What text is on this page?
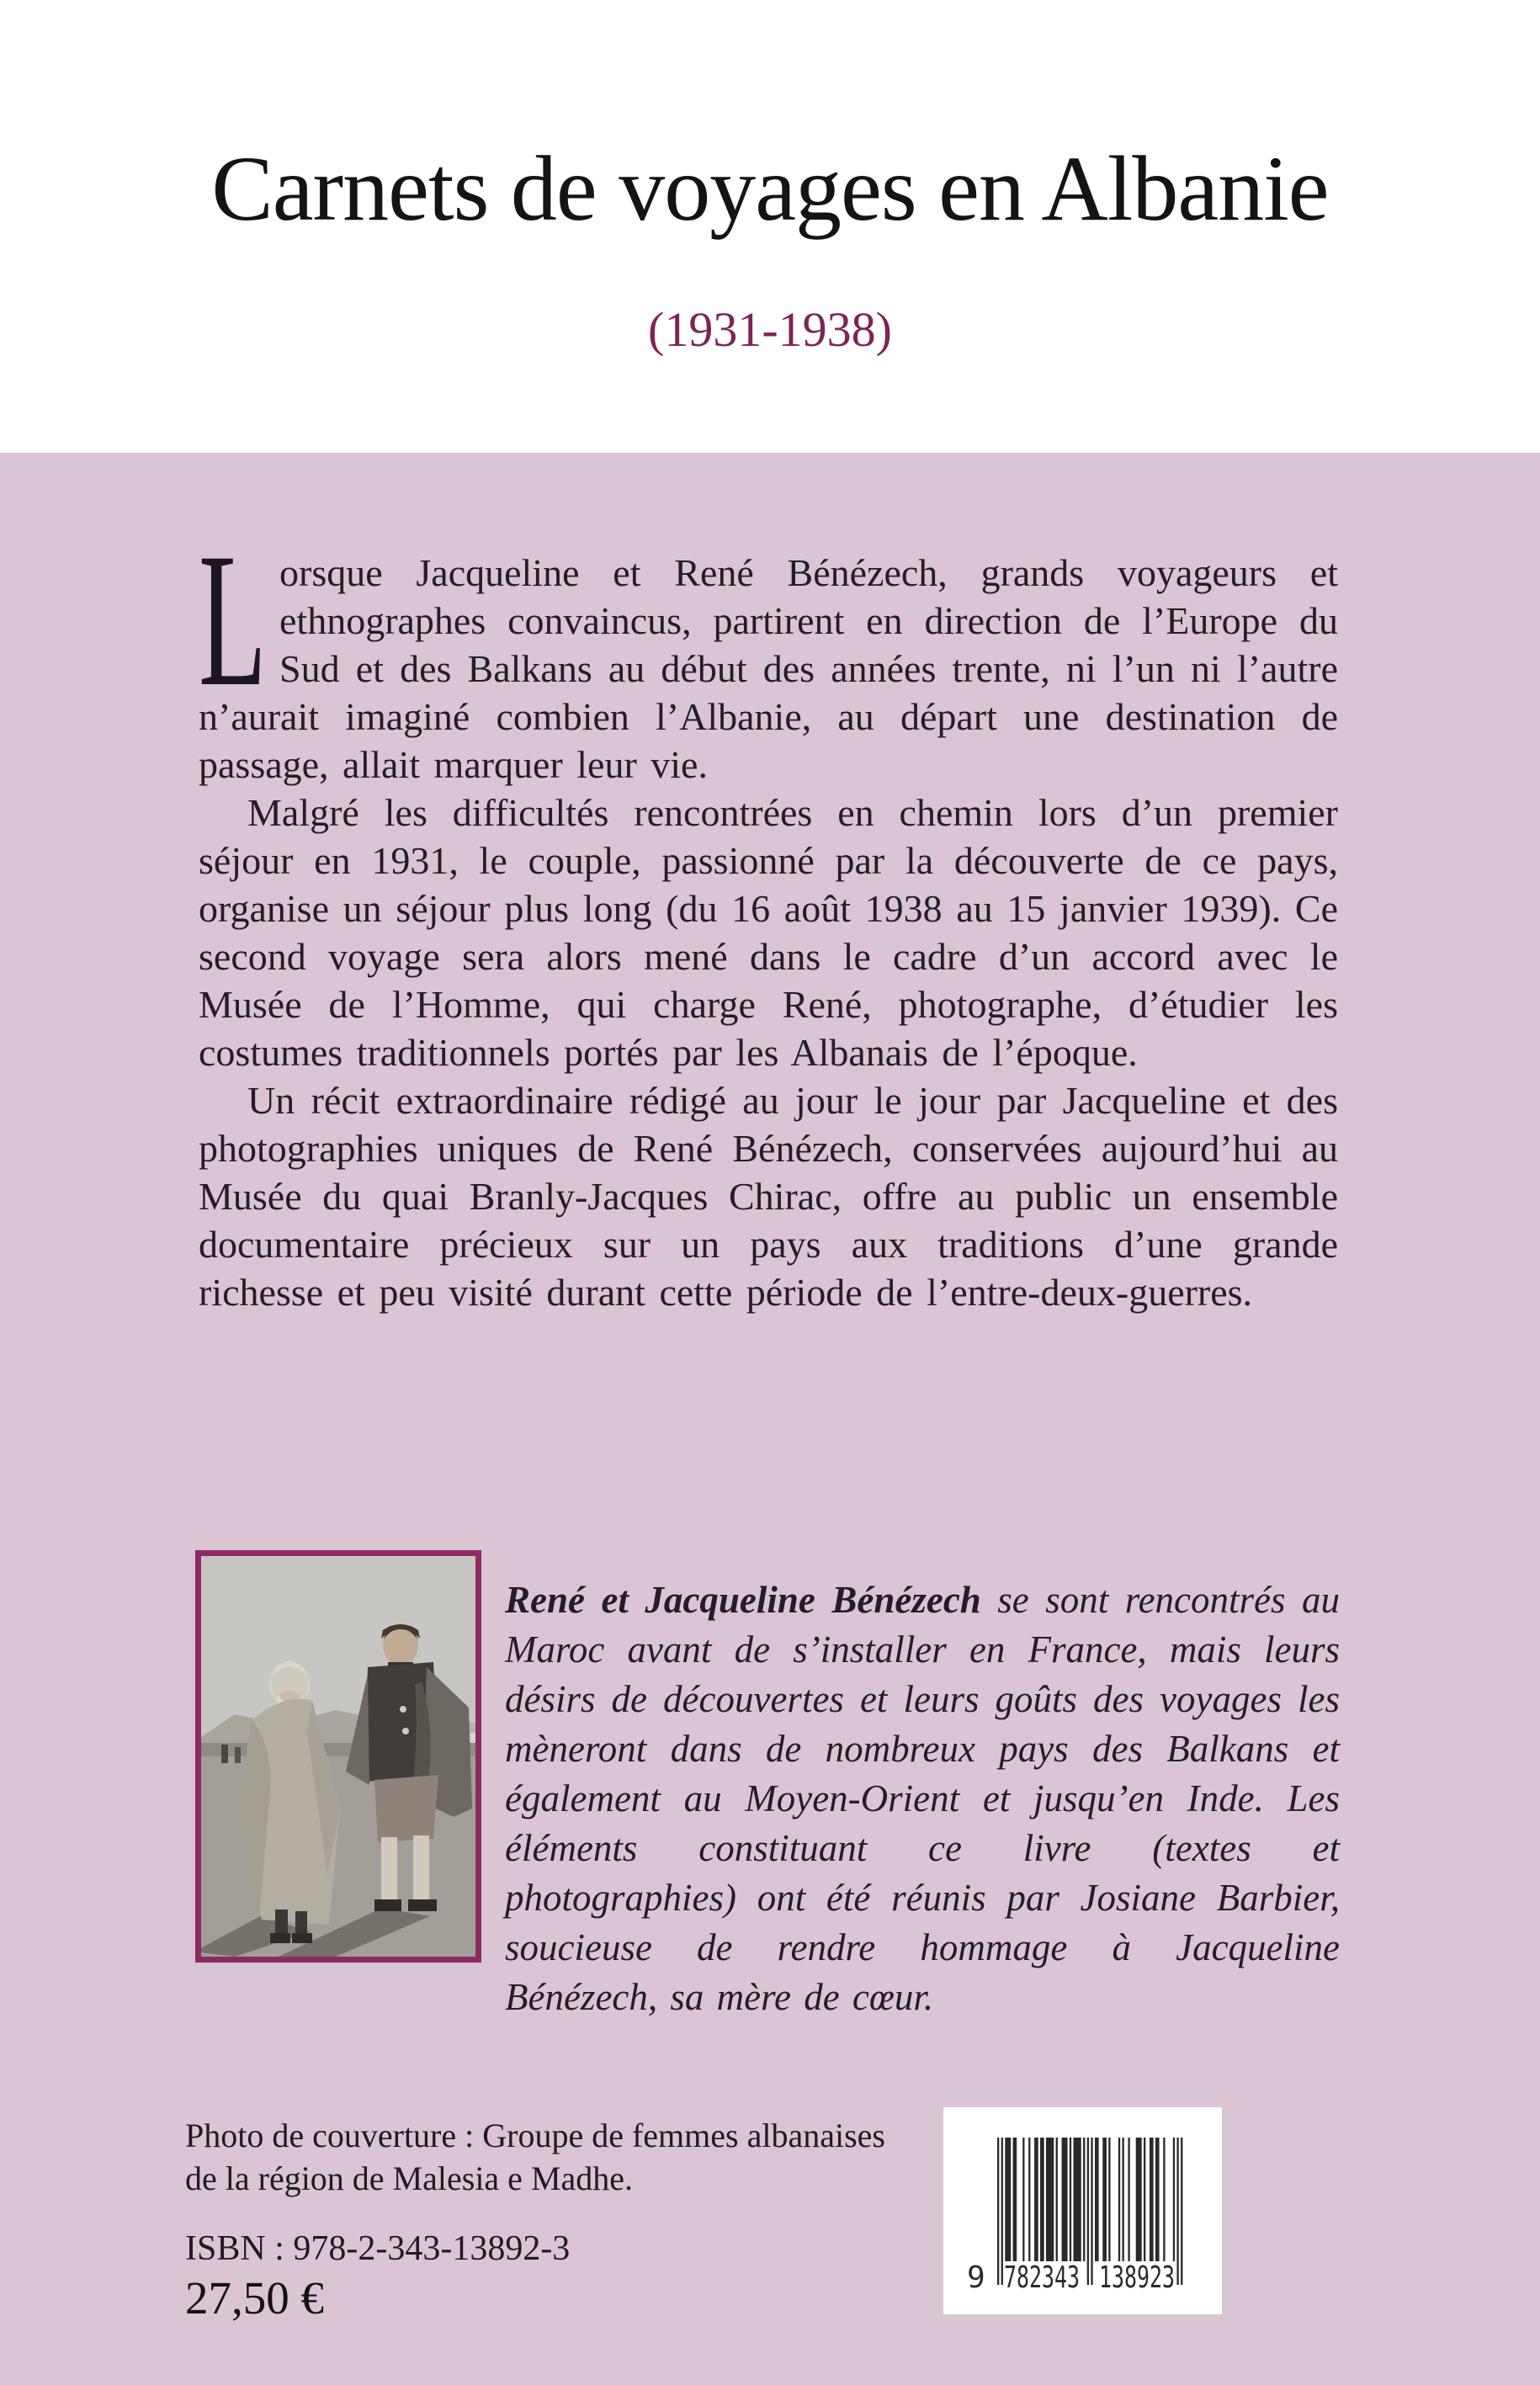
Carnets de voyages en Albanie
(1931-1938)

Lorsque Jacqueline et René Bénézech, grands voyageurs et ethnographes convaincus, partirent en direction de l’Europe du Sud et des Balkans au début des années trente, ni l’un ni l’autre n’aurait imaginé combien l’Albanie, au départ une destination de passage, allait marquer leur vie.

Malgré les difficultés rencontrées en chemin lors d’un premier séjour en 1931, le couple, passionné par la découverte de ce pays, organise un séjour plus long (du 16 août 1938 au 15 janvier 1939). Ce second voyage sera alors mené dans le cadre d’un accord avec le Musée de l’Homme, qui charge René, photographe, d’étudier les costumes traditionnels portés par les Albanais de l’époque.

Un récit extraordinaire rédigé au jour le jour par Jacqueline et des photographies uniques de René Bénézech, conservées aujourd’hui au Musée du quai Branly-Jacques Chirac, offre au public un ensemble documentaire précieux sur un pays aux traditions d’une grande richesse et peu visité durant cette période de l’entre-deux-guerres.

René et Jacqueline Bénézech se sont rencontrés au Maroc avant de s’installer en France, mais leurs désirs de découvertes et leurs goûts des voyages les mèneront dans de nombreux pays des Balkans et également au Moyen-Orient et jusqu’en Inde. Les éléments constituant ce livre (textes et photographies) ont été réunis par Josiane Barbier, soucieuse de rendre hommage à Jacqueline Bénézech, sa mère de cœur.

Photo de couverture : Groupe de femmes albanaises
de la région de Malesia e Madhe.
ISBN : 978-2-343-13892-3
27,50 €	9 782343 138923
